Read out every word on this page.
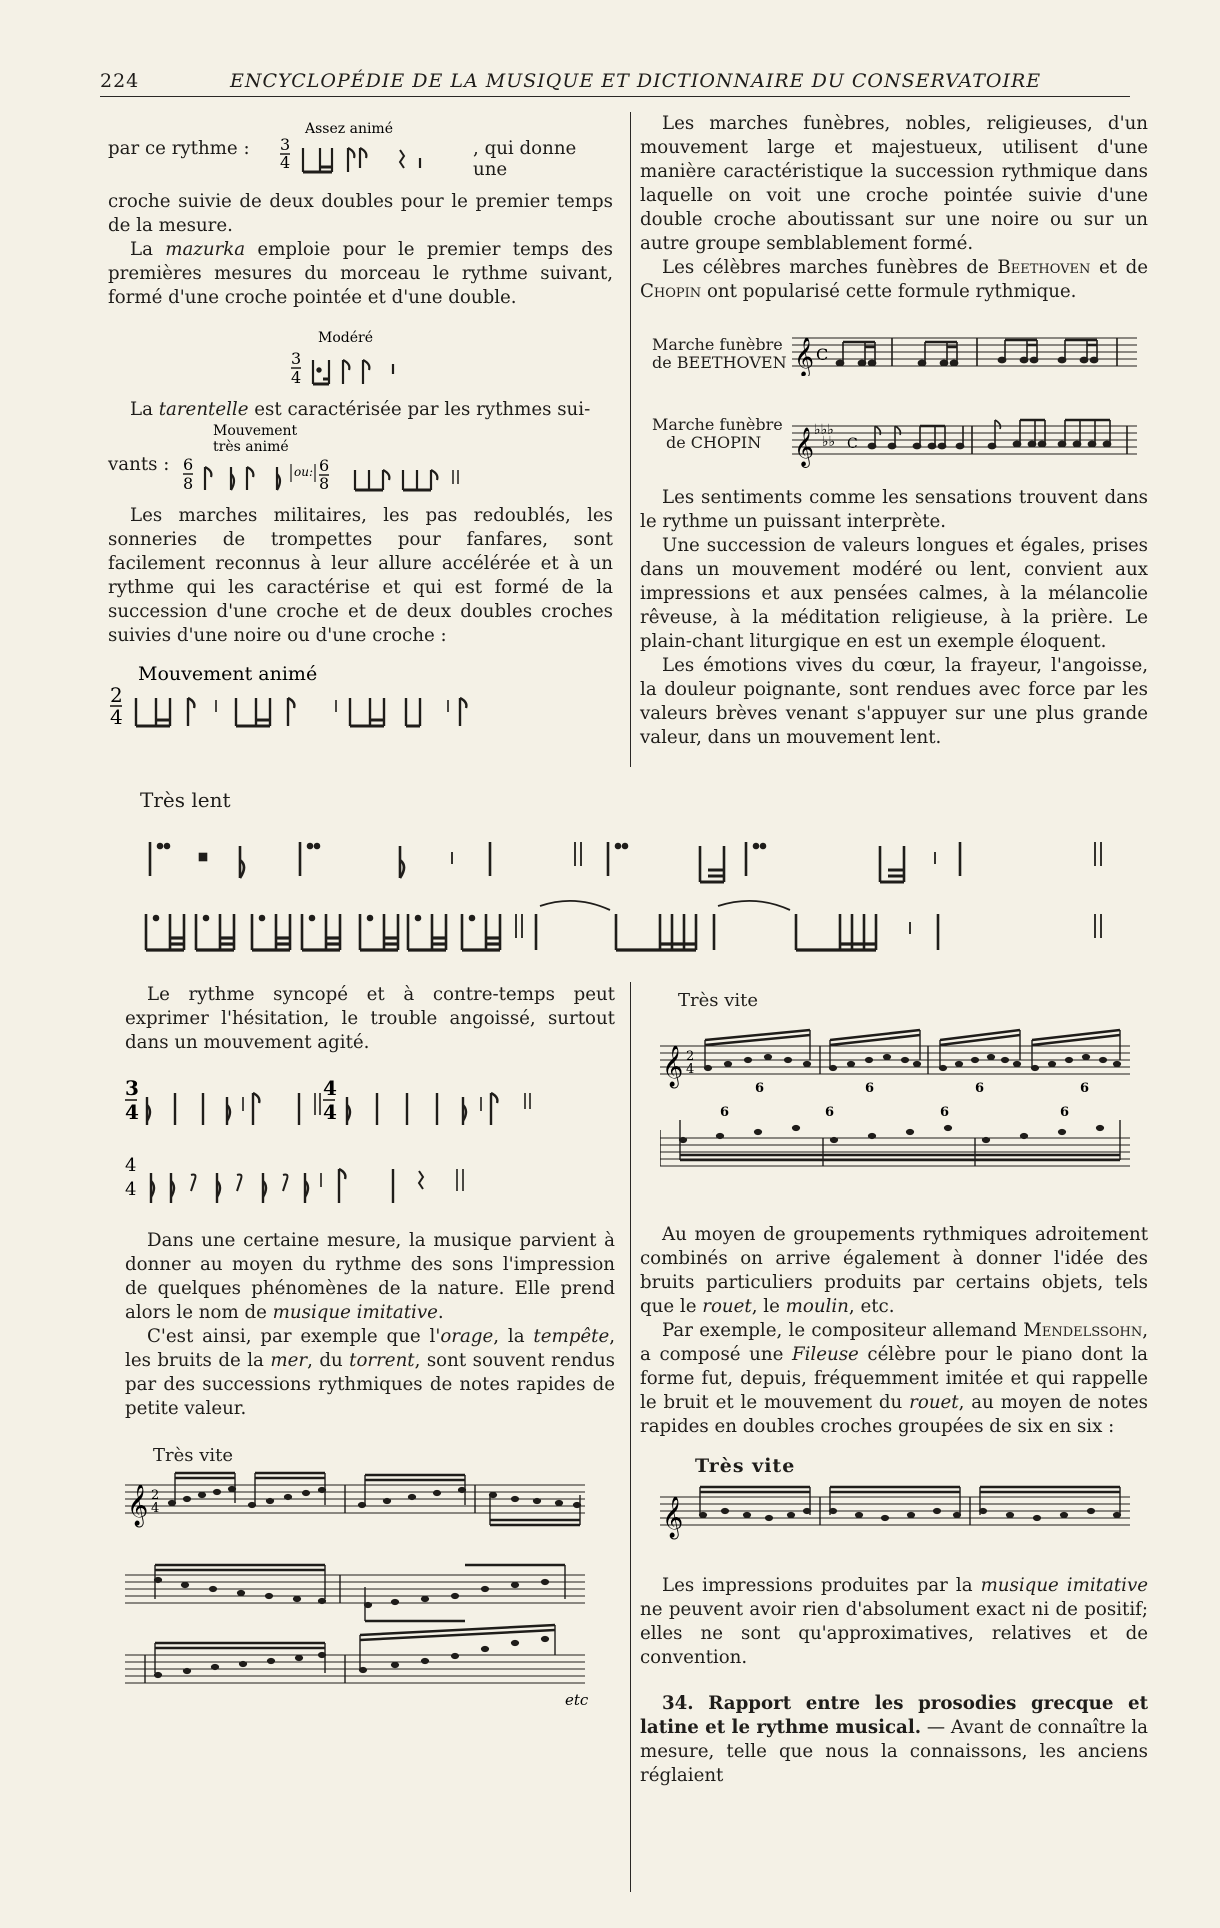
224	ENCYCLOPÉDIE DE LA MUSIQUE ET DICTIONNAIRE DU CONSERVATOIRE
par ce rythme :
Assez animé
3
4
, qui donne une

croche suivie de deux doubles pour le premier temps de la mesure.

La mazurka emploie pour le premier temps des premières mesures du morceau le rythme suivant, formé d'une croche pointée et d'une double.

Modéré
3
4

La tarentelle est caractérisée par les rythmes sui-

vants :
Mouvement
très animé
6
8
ou: 6
8

Les marches militaires, les pas redoublés, les sonneries de trompettes pour fanfares, sont facilement reconnus à leur allure accélérée et à un rythme qui les caractérise et qui est formé de la succession d'une croche et de deux doubles croches suivies d'une noire ou d'une croche :

Mouvement animé
2
4

Les marches funèbres, nobles, religieuses, d'un mouvement large et majestueux, utilisent d'une manière caractéristique la succession rythmique dans laquelle on voit une croche pointée suivie d'une double croche aboutissant sur une noire ou sur un autre groupe semblablement formé.

Les célèbres marches funèbres de Beethoven et de Chopin ont popularisé cette formule rythmique.

Marche funèbre
de BEETHOVEN 𝄞 C
Marche funèbre
de CHOPIN 𝄞 ♭♭♭
♭♭ C

Les sentiments comme les sensations trouvent dans le rythme un puissant interprète.

Une succession de valeurs longues et égales, prises dans un mouvement modéré ou lent, convient aux impressions et aux pensées calmes, à la mélancolie rêveuse, à la méditation religieuse, à la prière. Le plain-chant liturgique en est un exemple éloquent.

Les émotions vives du cœur, la frayeur, l'angoisse, la douleur poignante, sont rendues avec force par les valeurs brèves venant s'appuyer sur une plus grande valeur, dans un mouvement lent.

Très lent

Le rythme syncopé et à contre-temps peut exprimer l'hésitation, le trouble angoissé, surtout dans un mouvement agité.

3
4
4
4
4
4

Dans une certaine mesure, la musique parvient à donner au moyen du rythme des sons l'impression de quelques phénomènes de la nature. Elle prend alors le nom de musique imitative.

C'est ainsi, par exemple que l'orage, la tempête, les bruits de la mer, du torrent, sont souvent rendus par des successions rythmiques de notes rapides de petite valeur.

Très vite
𝄞 2
4
etc
Très vite
𝄞 2
4
6	6	6	6
6	6	6	6

Au moyen de groupements rythmiques adroitement combinés on arrive également à donner l'idée des bruits particuliers produits par certains objets, tels que le rouet, le moulin, etc.

Par exemple, le compositeur allemand Mendelssohn, a composé une Fileuse célèbre pour le piano dont la forme fut, depuis, fréquemment imitée et qui rappelle le bruit et le mouvement du rouet, au moyen de notes rapides en doubles croches groupées de six en six :

Très vite
𝄞

Les impressions produites par la musique imitative ne peuvent avoir rien d'absolument exact ni de positif; elles ne sont qu'approximatives, relatives et de convention.

34. Rapport entre les prosodies grecque et latine et le rythme musical. — Avant de connaître la mesure, telle que nous la connaissons, les anciens réglaient
